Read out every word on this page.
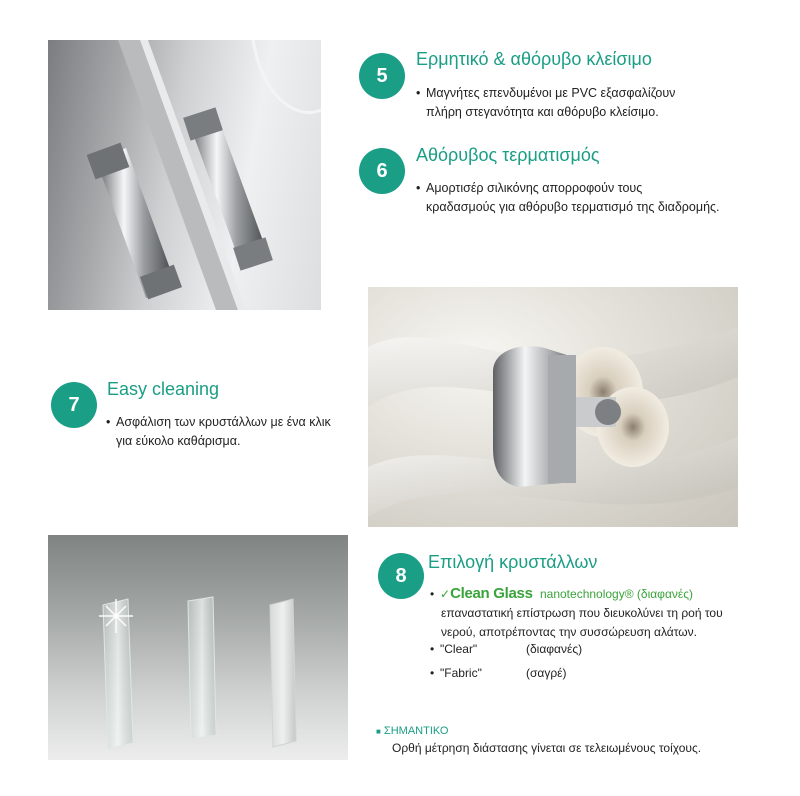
5
Ερμητικό & αθόρυβο κλείσιμο
• Μαγνήτες επενδυμένοι με PVC εξασφαλίζουν
πλήρη στεγανότητα και αθόρυβο κλείσιμο.
6
Αθόρυβος τερματισμός
• Αμορτισέρ σιλικόνης απορροφούν τους
κραδασμούς για αθόρυβο τερματισμό της διαδρομής.
7
Easy cleaning
• Ασφάλιση των κρυστάλλων με ένα κλικ
για εύκολο καθάρισμα.
8
Επιλογή κρυστάλλων
• ✓Clean Glass nanotechnology® (διαφανές)
επαναστατική επίστρωση που διευκολύνει τη ροή του
νερού, αποτρέποντας την συσσώρευση αλάτων.
• "Clear"	(διαφανές)
• "Fabric"	(σαγρέ)
■ ΣΗΜΑΝΤΙΚΟ
Ορθή μέτρηση διάστασης γίνεται σε τελειωμένους τοίχους.
